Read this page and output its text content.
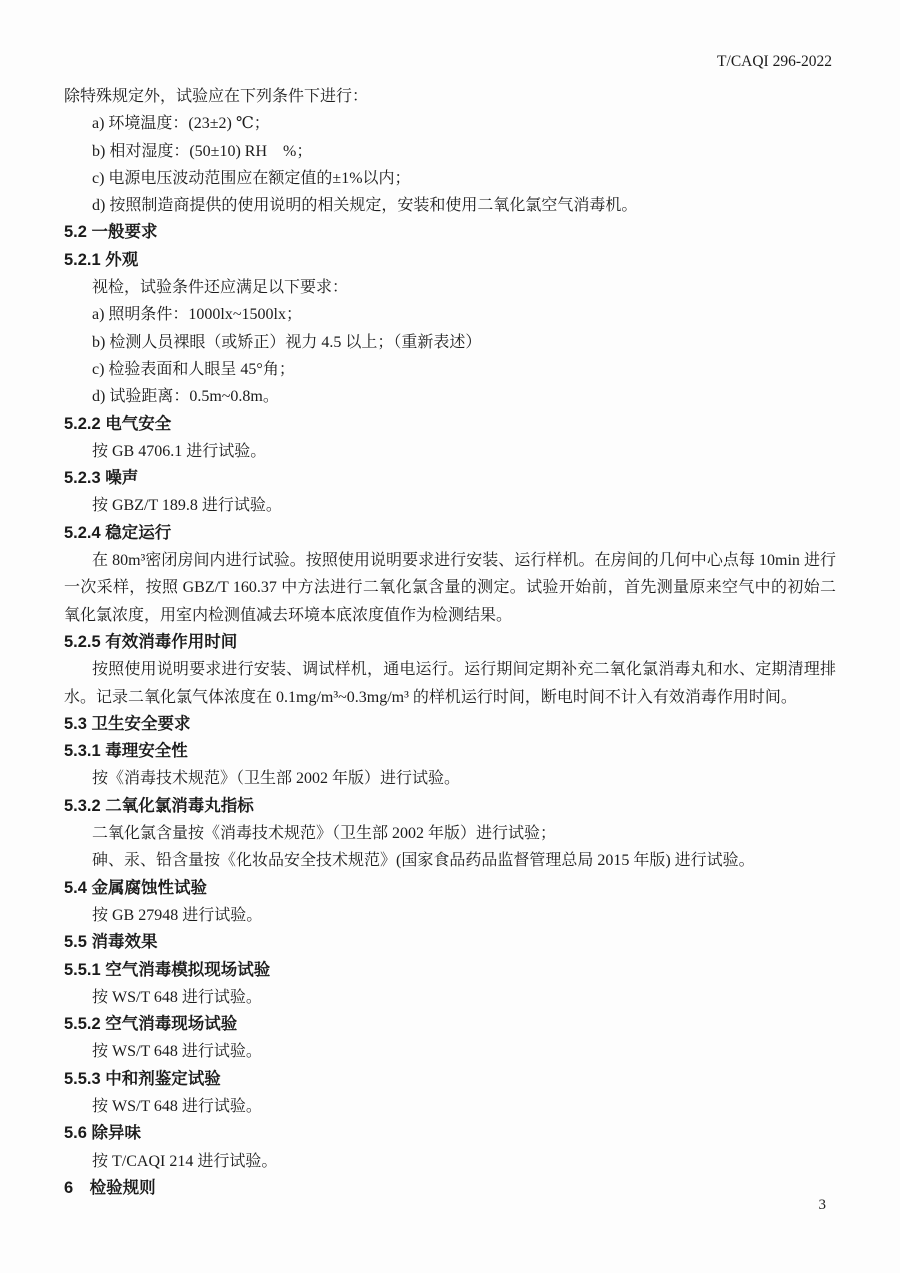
T/CAQI 296-2022

除特殊规定外，试验应在下列条件下进行：

a) 环境温度：(23±2) ℃；

b) 相对湿度：(50±10) RH　%；

c) 电源电压波动范围应在额定值的±1%以内；

d) 按照制造商提供的使用说明的相关规定，安装和使用二氧化氯空气消毒机。

5.2 一般要求

5.2.1 外观

视检，试验条件还应满足以下要求：

a) 照明条件：1000lx~1500lx；

b) 检测人员裸眼（或矫正）视力 4.5 以上；（重新表述）

c) 检验表面和人眼呈 45°角；

d) 试验距离：0.5m~0.8m。

5.2.2 电气安全

按 GB 4706.1 进行试验。

5.2.3 噪声

按 GBZ/T 189.8 进行试验。

5.2.4 稳定运行

在 80m³密闭房间内进行试验。按照使用说明要求进行安装、运行样机。在房间的几何中心点每 10min 进行一次采样，按照 GBZ/T 160.37 中方法进行二氧化氯含量的测定。试验开始前，首先测量原来空气中的初始二氧化氯浓度，用室内检测值减去环境本底浓度值作为检测结果。

5.2.5 有效消毒作用时间

按照使用说明要求进行安装、调试样机，通电运行。运行期间定期补充二氧化氯消毒丸和水、定期清理排水。记录二氧化氯气体浓度在 0.1mg/m³~0.3mg/m³ 的样机运行时间，断电时间不计入有效消毒作用时间。

5.3 卫生安全要求

5.3.1 毒理安全性

按《消毒技术规范》（卫生部 2002 年版）进行试验。

5.3.2 二氧化氯消毒丸指标

二氧化氯含量按《消毒技术规范》（卫生部 2002 年版）进行试验；

砷、汞、铅含量按《化妆品安全技术规范》(国家食品药品监督管理总局 2015 年版) 进行试验。

5.4 金属腐蚀性试验

按 GB 27948 进行试验。

5.5 消毒效果

5.5.1 空气消毒模拟现场试验

按 WS/T 648 进行试验。

5.5.2 空气消毒现场试验

按 WS/T 648 进行试验。

5.5.3 中和剂鉴定试验

按 WS/T 648 进行试验。

5.6 除异味

按 T/CAQI 214 进行试验。

6　检验规则

3
